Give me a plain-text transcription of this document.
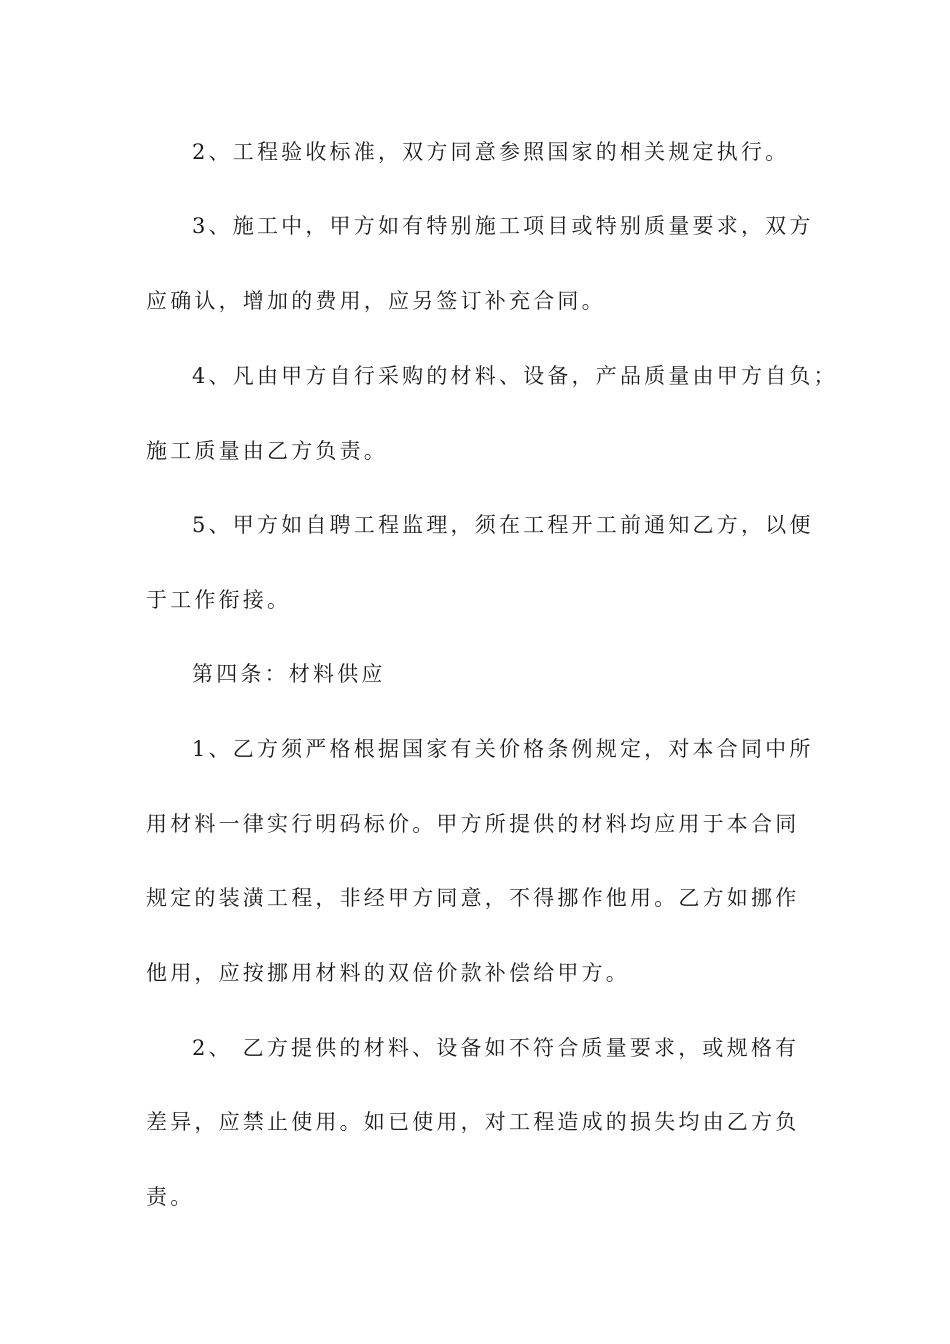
2、工程验收标准，双方同意参照国家的相关规定执行。
3、施工中，甲方如有特别施工项目或特别质量要求，双方
应确认，增加的费用，应另签订补充合同。
4、凡由甲方自行采购的材料、设备，产品质量由甲方自负；
施工质量由乙方负责。
5、甲方如自聘工程监理，须在工程开工前通知乙方，以便
于工作衔接。
第四条：材料供应
1、乙方须严格根据国家有关价格条例规定，对本合同中所
用材料一律实行明码标价。甲方所提供的材料均应用于本合同
规定的装潢工程，非经甲方同意，不得挪作他用。乙方如挪作
他用，应按挪用材料的双倍价款补偿给甲方。
2、 乙方提供的材料、设备如不符合质量要求，或规格有
差异，应禁止使用。如已使用，对工程造成的损失均由乙方负
责。
